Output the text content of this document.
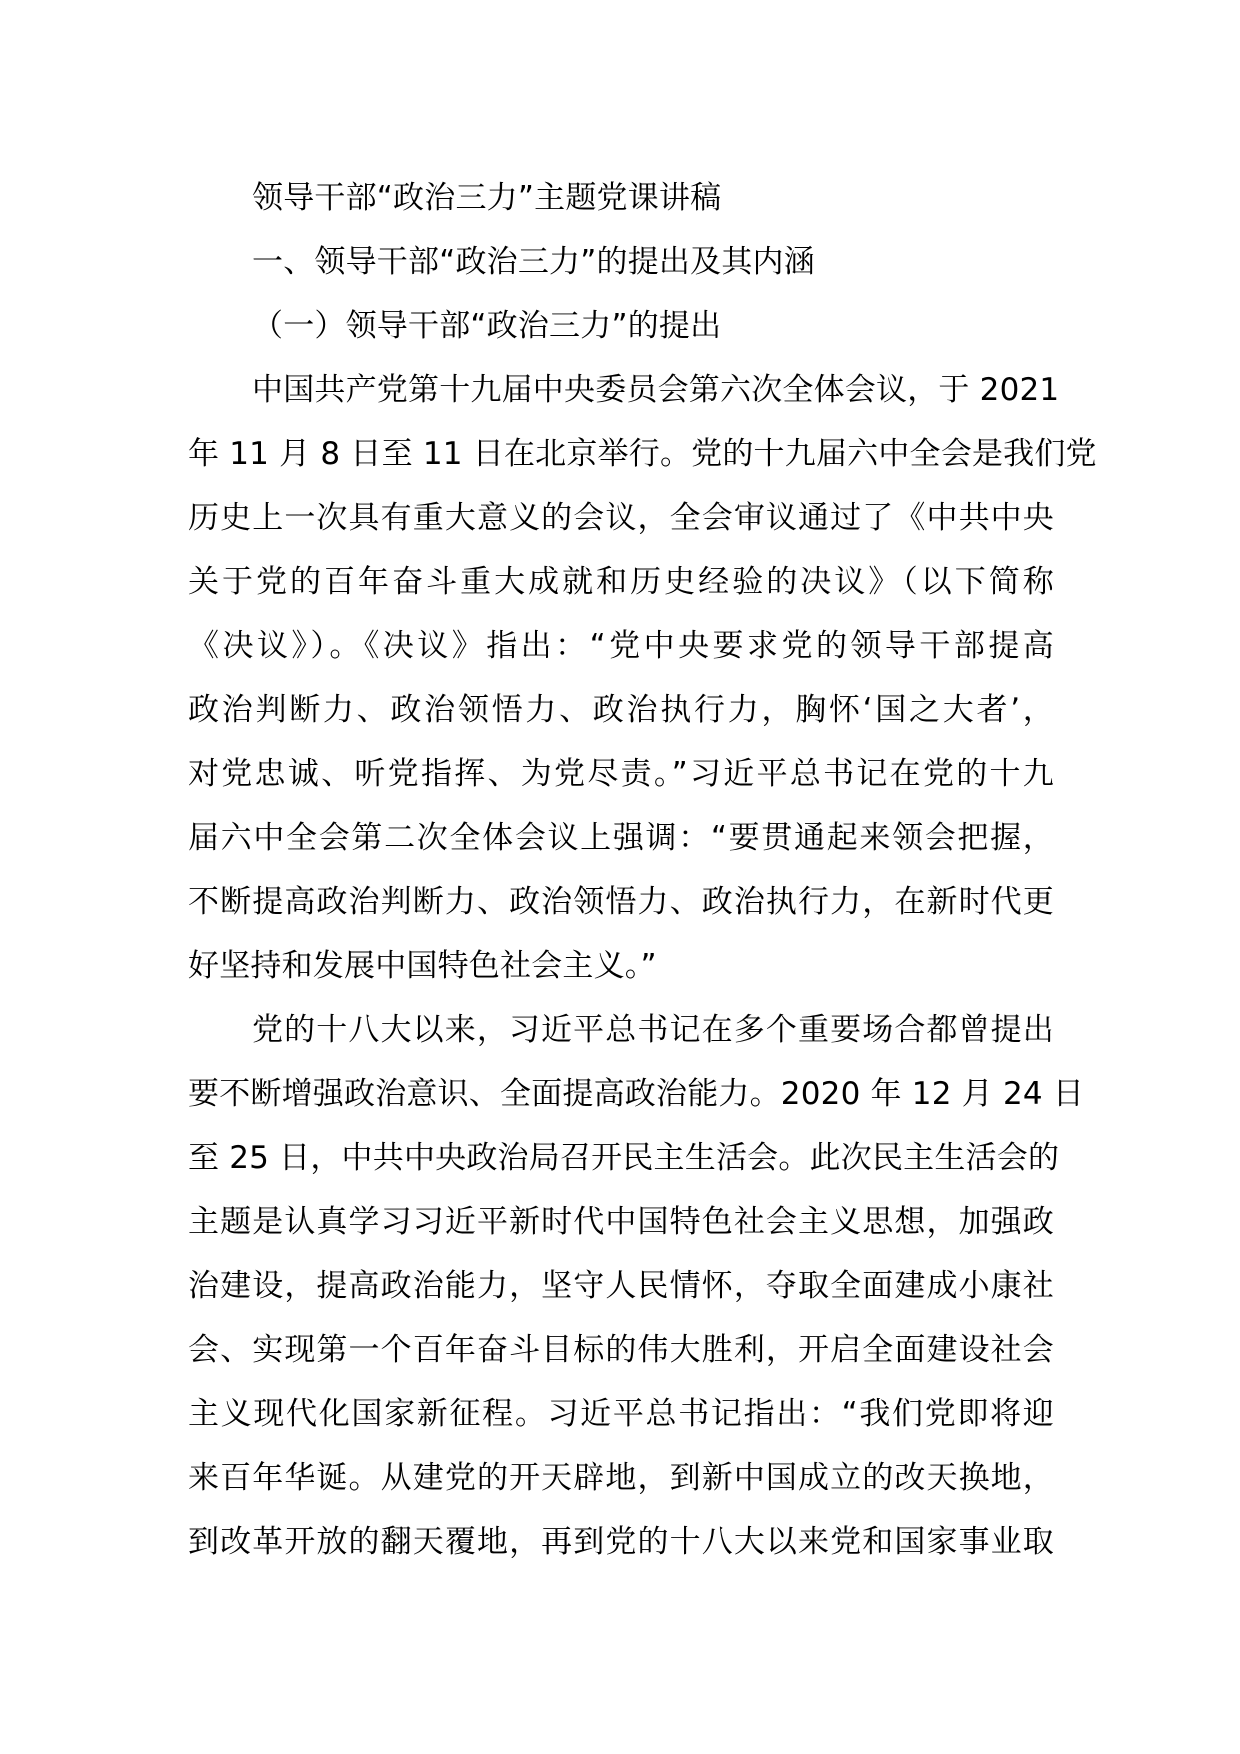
领导干部“政治三力”主题党课讲稿
一、领导干部“政治三力”的提出及其内涵
（一）领导干部“政治三力”的提出
中国共产党第十九届中央委员会第六次全体会议，于 2021
年 11 月 8 日至 11 日在北京举行。党的十九届六中全会是我们党
历史上一次具有重大意义的会议，全会审议通过了《中共中央
关于党的百年奋斗重大成就和历史经验的决议》（以下简称
《决议》）。《决议》指出：“党中央要求党的领导干部提高
政治判断力、政治领悟力、政治执行力，胸怀‘国之大者’，
对党忠诚、听党指挥、为党尽责。”习近平总书记在党的十九
届六中全会第二次全体会议上强调：“要贯通起来领会把握，
不断提高政治判断力、政治领悟力、政治执行力，在新时代更
好坚持和发展中国特色社会主义。”
党的十八大以来，习近平总书记在多个重要场合都曾提出
要不断增强政治意识、全面提高政治能力。2020 年 12 月 24 日
至 25 日，中共中央政治局召开民主生活会。此次民主生活会的
主题是认真学习习近平新时代中国特色社会主义思想，加强政
治建设，提高政治能力，坚守人民情怀，夺取全面建成小康社
会、实现第一个百年奋斗目标的伟大胜利，开启全面建设社会
主义现代化国家新征程。习近平总书记指出：“我们党即将迎
来百年华诞。从建党的开天辟地，到新中国成立的改天换地，
到改革开放的翻天覆地，再到党的十八大以来党和国家事业取
